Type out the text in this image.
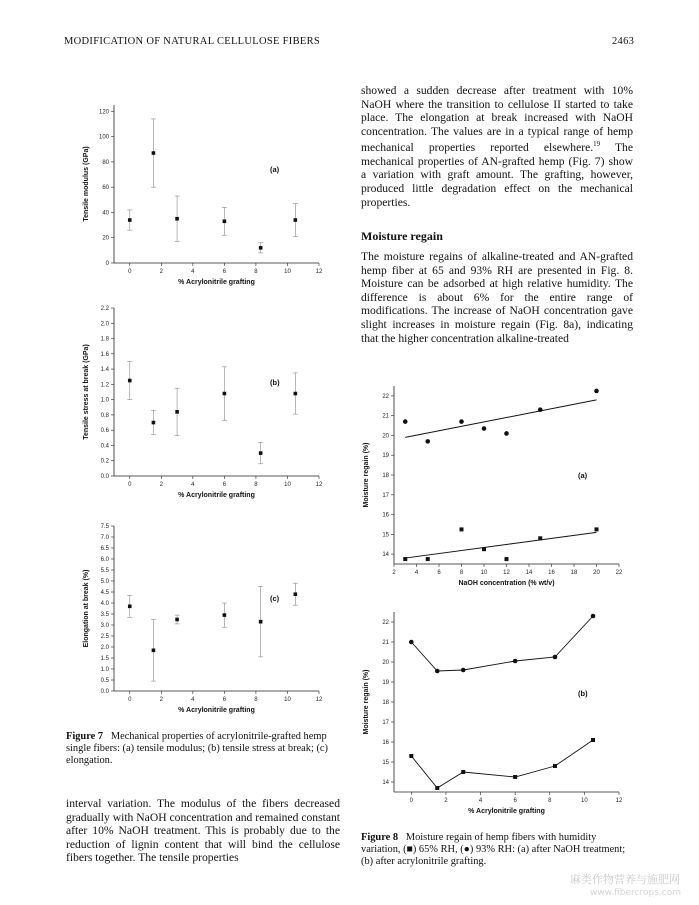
MODIFICATION OF NATURAL CELLULOSE FIBERS	2463
0
20
40
60
80
100
120
0	2	4	6	8	10	12
% Acrylonitrile grafting
Tensile modulus (GPa)	(a)
0.0
0.2
0.4
0.6
0.8
1.0
1.2
1.4
1.6
1.8
2.0
2.2
0	2	4	6	8	10	12
% Acrylonitrile grafting
Tensile stress at break (GPa)	(b)
0.0
0.5
1.0
1.5
2.0
2.5
3.0
3.5
4.0
4.5
5.0
5.5
6.0
6.5
7.0
7.5
0	2	4	6	8	10	12
% Acrylonitrile grafting
Elongation at break (%)	(c)
Figure 7 Mechanical properties of acrylonitrile-grafted hemp single fibers: (a) tensile modulus; (b) tensile stress at break; (c) elongation.

interval variation. The modulus of the fibers decreased gradually with NaOH concentration and remained constant after 10% NaOH treatment. This is probably due to the reduction of lignin content that will bind the cellulose fibers together. The tensile properties

showed a sudden decrease after treatment with 10% NaOH where the transition to cellulose II started to take place. The elongation at break increased with NaOH concentration. The values are in a typical range of hemp mechanical properties reported elsewhere.$^{19}$ The mechanical properties of AN-grafted hemp (Fig. 7) show a variation with graft amount. The grafting, however, produced little degradation effect on the mechanical properties.

Moisture regain

The moisture regains of alkaline-treated and AN-grafted hemp fiber at 65 and 93% RH are presented in Fig. 8. Moisture can be adsorbed at high relative humidity. The difference is about 6% for the entire range of modifications. The increase of NaOH concentration gave slight increases in moisture regain (Fig. 8a), indicating that the higher concentration alkaline-treated

14
15
16
17
18
19
20
21
22
2	4	6	8	10	12	14	16	18	20	22
NaOH concentration (% wt/v)
Moisture regain (%)	(a)
14
15
16
17
18
19
20
21
22
0	2	4	6	8	10	12
% Acrylonitrile grafting
Moisture regain (%)	(b)
Figure 8 Moisture regain of hemp fibers with humidity variation, (■) 65% RH, (●) 93% RH: (a) after NaOH treatment; (b) after acrylonitrile grafting.
麻类作物营养与施肥网
www.fibercrops.com
